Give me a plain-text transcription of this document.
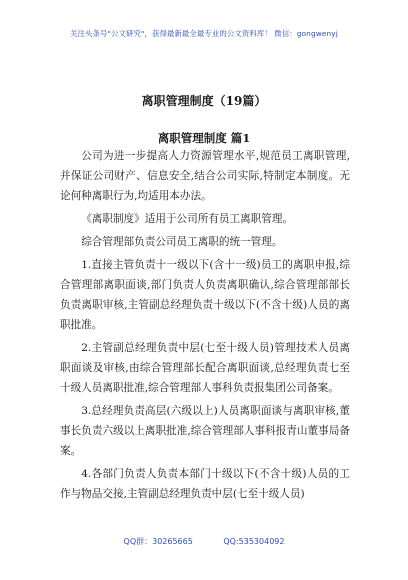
关注头条号"公文研究"，获得最新最全最专业的公文资料库！ 微信：gongwenyj
离职管理制度（19篇）
离职管理制度 篇1

公司为进一步提高人力资源管理水平,规范员工离职管理,并保证公司财产、信息安全,结合公司实际,特制定本制度。无论何种离职行为,均适用本办法。

《离职制度》适用于公司所有员工离职管理。

综合管理部负责公司员工离职的统一管理。

1.直接主管负责十一级以下(含十一级)员工的离职申报,综合管理部离职面谈,部门负责人负责离职确认,综合管理部部长负责离职审核,主管副总经理负责十级以下(不含十级)人员的离职批准。

2.主管副总经理负责中层(七至十级人员)管理技术人员离职面谈及审核,由综合管理部长配合离职面谈,总经理负责七至十级人员离职批准,综合管理部人事科负责报集团公司备案。

3.总经理负责高层(六级以上)人员离职面谈与离职审核,董事长负责六级以上离职批准,综合管理部人事科报青山董事局备案。

4.各部门负责人负责本部门十级以下(不含十级)人员的工作与物品交接,主管副总经理负责中层(七至十级人员)

QQ群：30265665	QQ:535304092
